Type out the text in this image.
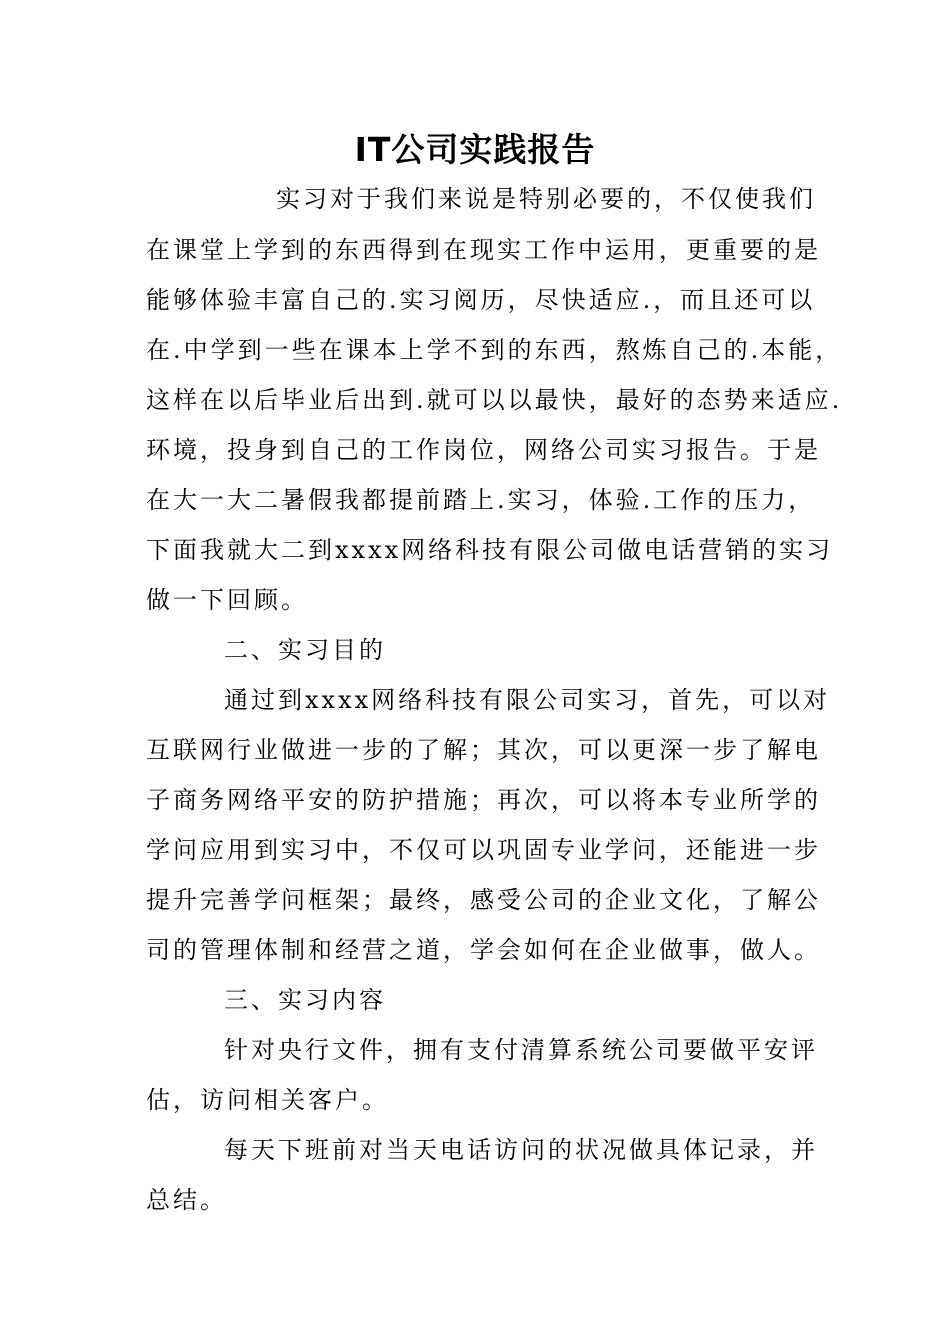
IT公司实践报告

实习对于我们来说是特别必要的，不仅使我们

在课堂上学到的东西得到在现实工作中运用，更重要的是

能够体验丰富自己的.实习阅历，尽快适应.，而且还可以

在.中学到一些在课本上学不到的东西，熬炼自己的.本能，

这样在以后毕业后出到.就可以以最快，最好的态势来适应.

环境，投身到自己的工作岗位，网络公司实习报告。于是

在大一大二暑假我都提前踏上.实习，体验.工作的压力，

下面我就大二到xxxx网络科技有限公司做电话营销的实习

做一下回顾。

二、实习目的

通过到xxxx网络科技有限公司实习，首先，可以对

互联网行业做进一步的了解；其次，可以更深一步了解电

子商务网络平安的防护措施；再次，可以将本专业所学的

学问应用到实习中，不仅可以巩固专业学问，还能进一步

提升完善学问框架；最终，感受公司的企业文化，了解公

司的管理体制和经营之道，学会如何在企业做事，做人。

三、实习内容

针对央行文件，拥有支付清算系统公司要做平安评

估，访问相关客户。

每天下班前对当天电话访问的状况做具体记录，并

总结。
